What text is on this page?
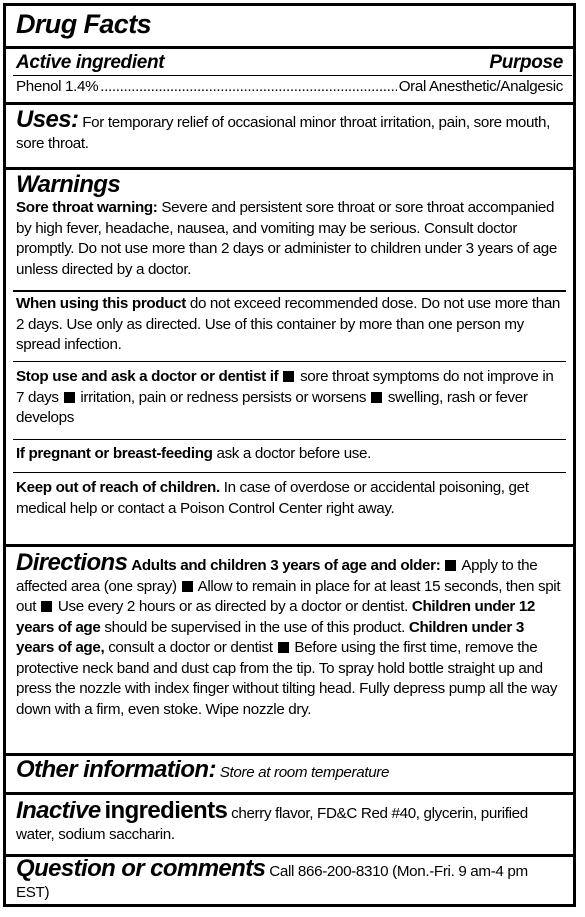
Drug Facts
Active ingredient	Purpose
Phenol 1.4%
.....	Oral Anesthetic/Analgesic

Uses: For temporary relief of occasional minor throat irritation, pain, sore mouth, sore throat.

Warnings

Sore throat warning: Severe and persistent sore throat or sore throat accompanied by high fever, headache, nausea, and vomiting may be serious. Consult doctor promptly. Do not use more than 2 days or administer to children under 3 years of age unless directed by a doctor.

When using this product do not exceed recommended dose. Do not use more than 2 days. Use only as directed. Use of this container by more than one person my spread infection.

Stop use and ask a doctor or dentist if sore throat symptoms do not improve in 7 days irritation, pain or redness persists or worsens swelling, rash or fever develops

If pregnant or breast-feeding ask a doctor before use.

Keep out of reach of children. In case of overdose or accidental poisoning, get medical help or contact a Poison Control Center right away.

Directions Adults and children 3 years of age and older: Apply to the affected area (one spray) Allow to remain in place for at least 15 seconds, then spit out Use every 2 hours or as directed by a doctor or dentist. Children under 12 years of age should be supervised in the use of this product. Children under 3 years of age, consult a doctor or dentist Before using the first time, remove the protective neck band and dust cap from the tip. To spray hold bottle straight up and press the nozzle with index finger without tilting head. Fully depress pump all the way down with a firm, even stoke. Wipe nozzle dry.

Other information: Store at room temperature

Inactive ingredients cherry flavor, FD&C Red #40, glycerin, purified water, sodium saccharin.

Question or comments Call 866-200-8310 (Mon.-Fri. 9 am-4 pm EST)
